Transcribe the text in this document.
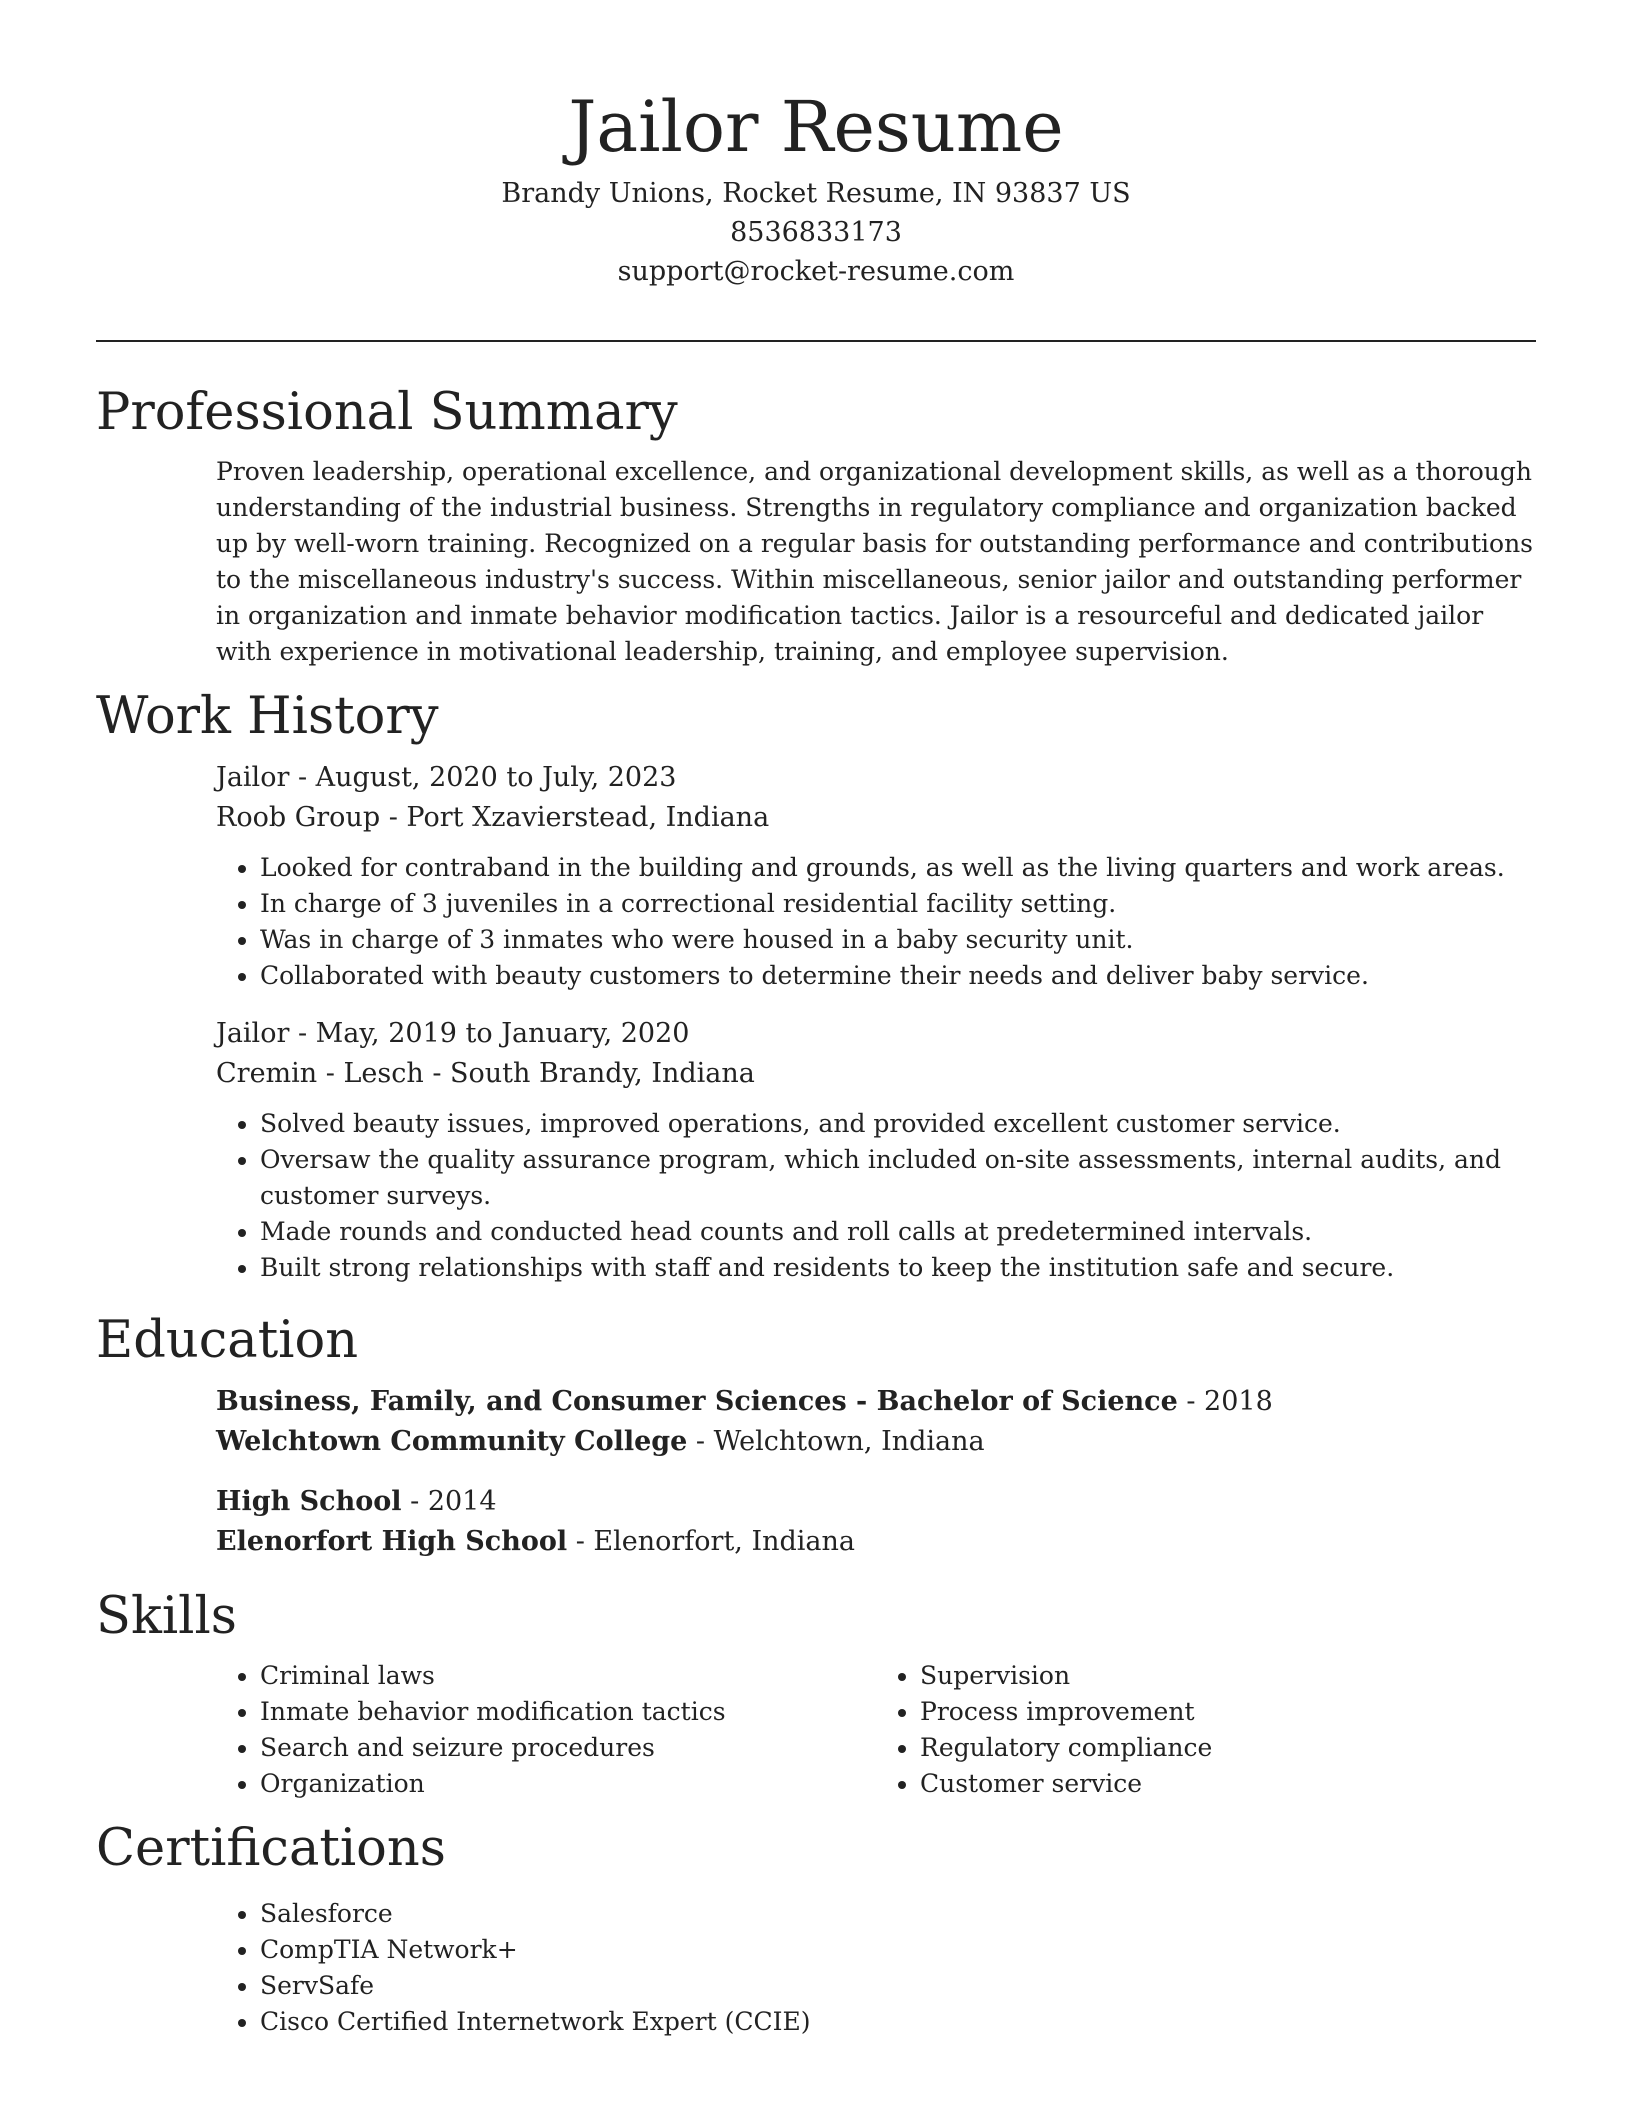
Jailor Resume
Brandy Unions, Rocket Resume, IN 93837 US
8536833173
support@rocket-resume.com
Professional Summary

Proven leadership, operational excellence, and organizational development skills, as well as a thorough understanding of the industrial business. Strengths in regulatory compliance and organization backed up by well-worn training. Recognized on a regular basis for outstanding performance and contributions to the miscellaneous industry's success. Within miscellaneous, senior jailor and outstanding performer in organization and inmate behavior modification tactics. Jailor is a resourceful and dedicated jailor with experience in motivational leadership, training, and employee supervision.

Work History
Jailor - August, 2020 to July, 2023
Roob Group - Port Xzavierstead, Indiana
• Looked for contraband in the building and grounds, as well as the living quarters and work areas.
• In charge of 3 juveniles in a correctional residential facility setting.
• Was in charge of 3 inmates who were housed in a baby security unit.
• Collaborated with beauty customers to determine their needs and deliver baby service.
Jailor - May, 2019 to January, 2020
Cremin - Lesch - South Brandy, Indiana
• Solved beauty issues, improved operations, and provided excellent customer service.
• Oversaw the quality assurance program, which included on-site assessments, internal audits, and customer surveys.
• Made rounds and conducted head counts and roll calls at predetermined intervals.
• Built strong relationships with staff and residents to keep the institution safe and secure.
Education
Business, Family, and Consumer Sciences - Bachelor of Science - 2018
Welchtown Community College - Welchtown, Indiana
High School - 2014
Elenorfort High School - Elenorfort, Indiana
Skills
• Criminal laws
• Inmate behavior modification tactics
• Search and seizure procedures
• Organization
• Supervision
• Process improvement
• Regulatory compliance
• Customer service
Certifications
• Salesforce
• CompTIA Network+
• ServSafe
• Cisco Certified Internetwork Expert (CCIE)
